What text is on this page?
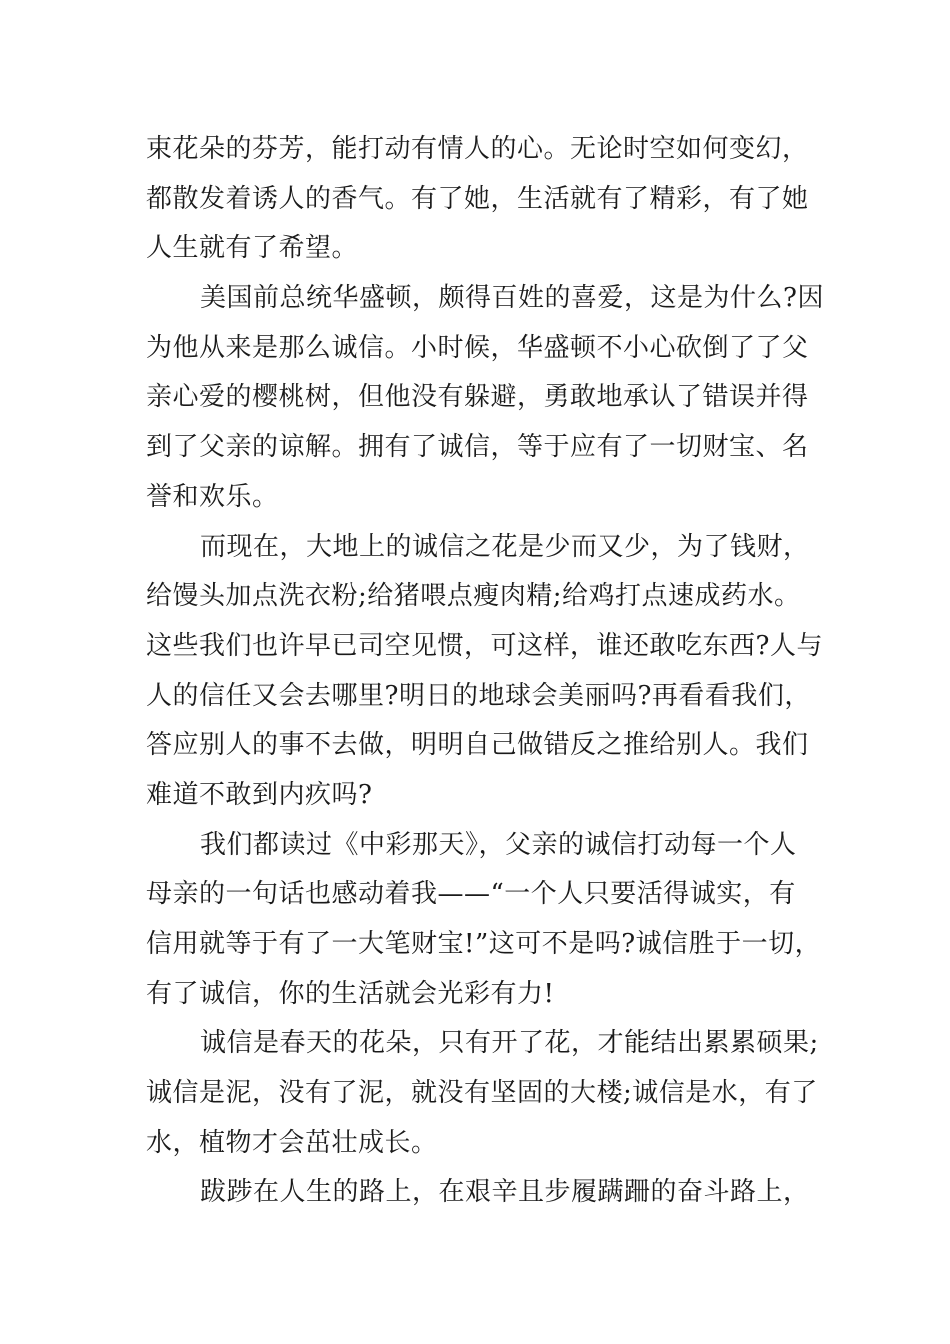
束花朵的芬芳，能打动有情人的心。无论时空如何变幻，
都散发着诱人的香气。有了她，生活就有了精彩，有了她
人生就有了希望。
美国前总统华盛顿，颇得百姓的喜爱，这是为什么?因
为他从来是那么诚信。小时候，华盛顿不小心砍倒了了父
亲心爱的樱桃树，但他没有躲避，勇敢地承认了错误并得
到了父亲的谅解。拥有了诚信，等于应有了一切财宝、名
誉和欢乐。
而现在，大地上的诚信之花是少而又少，为了钱财，
给馒头加点洗衣粉;给猪喂点瘦肉精;给鸡打点速成药水。
这些我们也许早已司空见惯，可这样，谁还敢吃东西?人与
人的信任又会去哪里?明日的地球会美丽吗?再看看我们，
答应别人的事不去做，明明自己做错反之推给别人。我们
难道不敢到内疚吗?
我们都读过《中彩那天》，父亲的诚信打动每一个人
母亲的一句话也感动着我——“一个人只要活得诚实，有
信用就等于有了一大笔财宝!”这可不是吗?诚信胜于一切，
有了诚信，你的生活就会光彩有力!
诚信是春天的花朵，只有开了花，才能结出累累硕果;
诚信是泥，没有了泥，就没有坚固的大楼;诚信是水，有了
水，植物才会茁壮成长。
跋踄在人生的路上，在艰辛且步履蹒跚的奋斗路上，
